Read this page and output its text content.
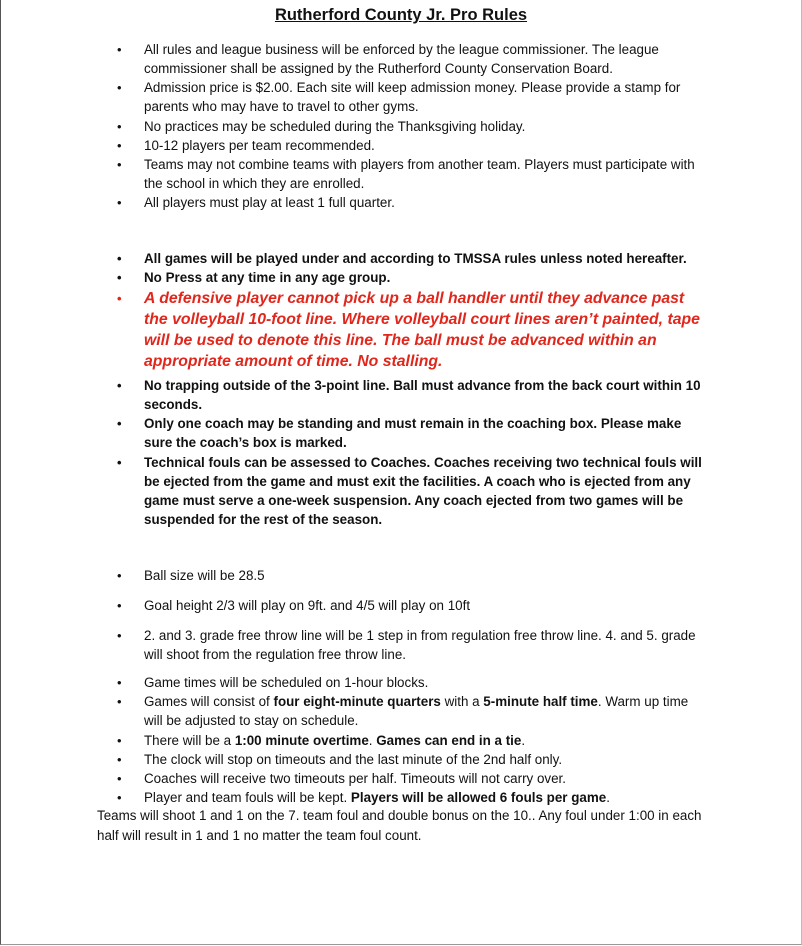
Rutherford County Jr. Pro Rules
• All rules and league business will be enforced by the league commissioner. The league commissioner shall be assigned by the Rutherford County Conservation Board.
• Admission price is $2.00. Each site will keep admission money. Please provide a stamp for parents who may have to travel to other gyms.
• No practices may be scheduled during the Thanksgiving holiday.
• 10-12 players per team recommended.
• Teams may not combine teams with players from another team. Players must participate with the school in which they are enrolled.
• All players must play at least 1 full quarter.
• All games will be played under and according to TMSSA rules unless noted hereafter.
• No Press at any time in any age group.
• A defensive player cannot pick up a ball handler until they advance past the volleyball 10-foot line. Where volleyball court lines aren’t painted, tape will be used to denote this line. The ball must be advanced within an appropriate amount of time. No stalling.
• No trapping outside of the 3-point line. Ball must advance from the back court within 10 seconds.
• Only one coach may be standing and must remain in the coaching box. Please make sure the coach’s box is marked.
• Technical fouls can be assessed to Coaches. Coaches receiving two technical fouls will be ejected from the game and must exit the facilities. A coach who is ejected from any game must serve a one-week suspension. Any coach ejected from two games will be suspended for the rest of the season.
• Ball size will be 28.5
• Goal height 2/3 will play on 9ft. and 4/5 will play on 10ft
• 2. and 3. grade free throw line will be 1 step in from regulation free throw line. 4. and 5. grade will shoot from the regulation free throw line.
• Game times will be scheduled on 1-hour blocks.
• Games will consist of four eight-minute quarters with a 5-minute half time. Warm up time will be adjusted to stay on schedule.
• There will be a 1:00 minute overtime. Games can end in a tie.
• The clock will stop on timeouts and the last minute of the 2nd half only.
• Coaches will receive two timeouts per half. Timeouts will not carry over.
• Player and team fouls will be kept. Players will be allowed 6 fouls per game.
Teams will shoot 1 and 1 on the 7. team foul and double bonus on the 10.. Any foul under 1:00 in each half will result in 1 and 1 no matter the team foul count.
